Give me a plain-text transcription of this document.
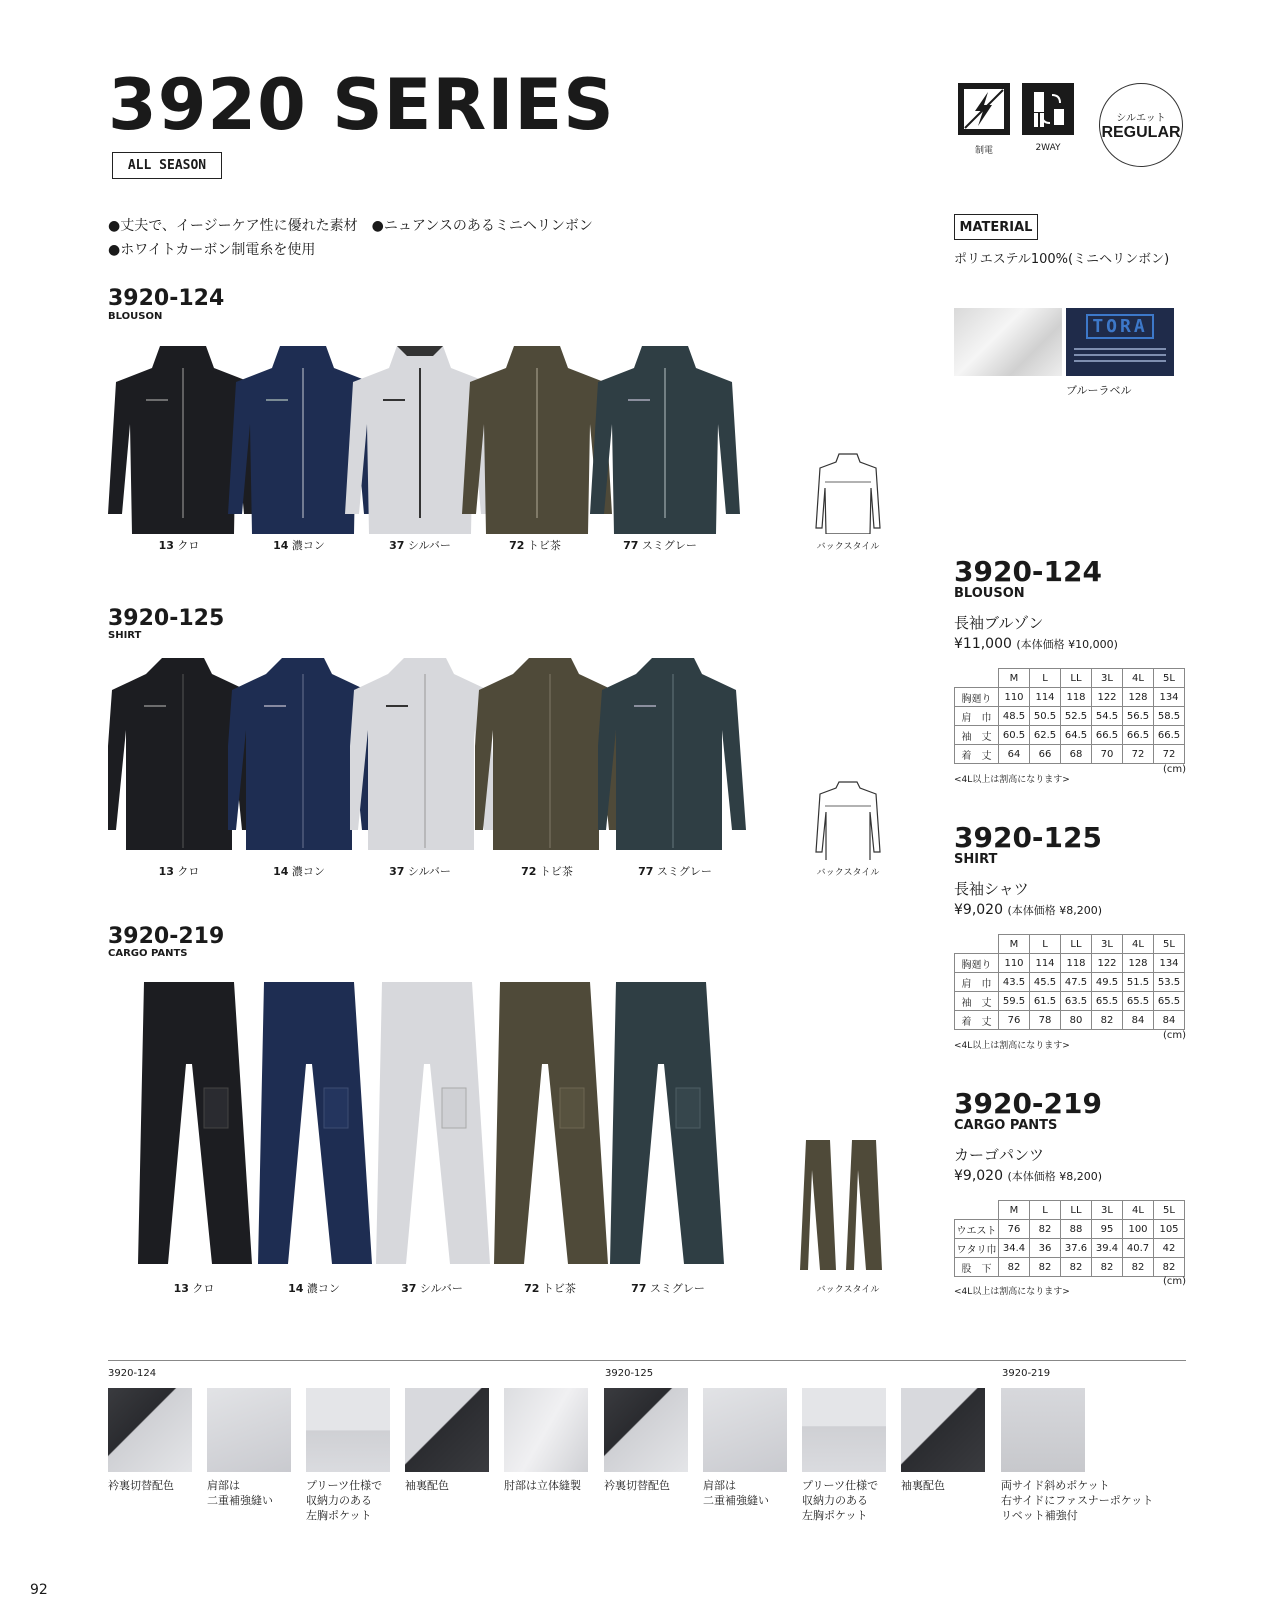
3920 SERIES
ALL SEASON
●丈夫で、イージーケア性に優れた素材　●ニュアンスのあるミニヘリンボン
●ホワイトカーボン制電糸を使用
制電	2WAY
シルエット
REGULAR
MATERIAL
ポリエステル100%(ミニヘリンボン)
TORA
ブルーラベル
3920-124
BLOUSON
13 クロ	14 濃コン	37 シルバー	72 トビ茶	77 スミグレー	バックスタイル
3920-125
SHIRT
13 クロ	14 濃コン	37 シルバー	72 トビ茶	77 スミグレー	バックスタイル
3920-219
CARGO PANTS
13 クロ	14 濃コン	37 シルバー	72 トビ茶	77 スミグレー	バックスタイル
3920-124
BLOUSON
長袖ブルゾン
¥11,000 (本体価格 ¥10,000)
	M	L	LL	3L	4L	5L
胸廻り	110	114	118	122	128	134
肩　巾	48.5	50.5	52.5	54.5	56.5	58.5
袖　丈	60.5	62.5	64.5	66.5	66.5	66.5
着　丈	64	66	68	70	72	72
<4L以上は割高になります>
(cm)
3920-125
SHIRT
長袖シャツ
¥9,020 (本体価格 ¥8,200)
	M	L	LL	3L	4L	5L
胸廻り	110	114	118	122	128	134
肩　巾	43.5	45.5	47.5	49.5	51.5	53.5
袖　丈	59.5	61.5	63.5	65.5	65.5	65.5
着　丈	76	78	80	82	84	84
<4L以上は割高になります>
(cm)
3920-219
CARGO PANTS
カーゴパンツ
¥9,020 (本体価格 ¥8,200)
	M	L	LL	3L	4L	5L
ウエスト	76	82	88	95	100	105
ワタリ巾	34.4	36	37.6	39.4	40.7	42
股　下	82	82	82	82	82	82
<4L以上は割高になります>
(cm)
3920-124	3920-125	3920-219
衿裏切替配色	肩部は
二重補強縫い
プリーツ仕様で
収納力のある
左胸ポケット
袖裏配色	肘部は立体縫製	衿裏切替配色	肩部は
二重補強縫い
プリーツ仕様で
収納力のある
左胸ポケット
袖裏配色	両サイド斜めポケット
右サイドにファスナーポケット
リベット補強付
92
